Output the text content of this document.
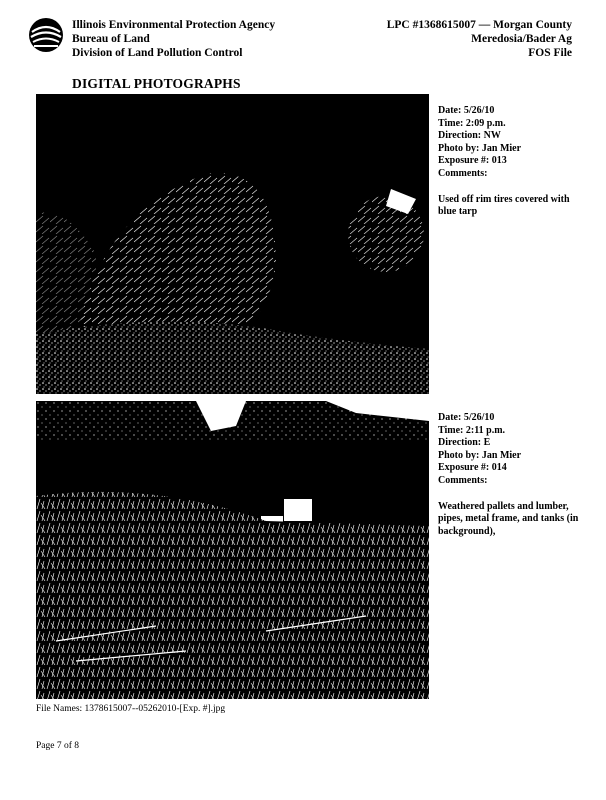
Illinois Environmental Protection Agency
Bureau of Land
Division of Land Pollution Control
LPC #1368615007 — Morgan County
Meredosia/Bader Ag
FOS File
DIGITAL PHOTOGRAPHS
Date: 5/26/10
Time: 2:09 p.m.
Direction: NW
Photo by: Jan Mier
Exposure #: 013
Comments:
Used off rim tires covered with blue tarp
Date: 5/26/10
Time: 2:11 p.m.
Direction: E
Photo by: Jan Mier
Exposure #: 014
Comments:
Weathered pallets and lumber, pipes, metal frame, and tanks (in background),
File Names: 1378615007--05262010-[Exp. #].jpg
Page 7 of 8
